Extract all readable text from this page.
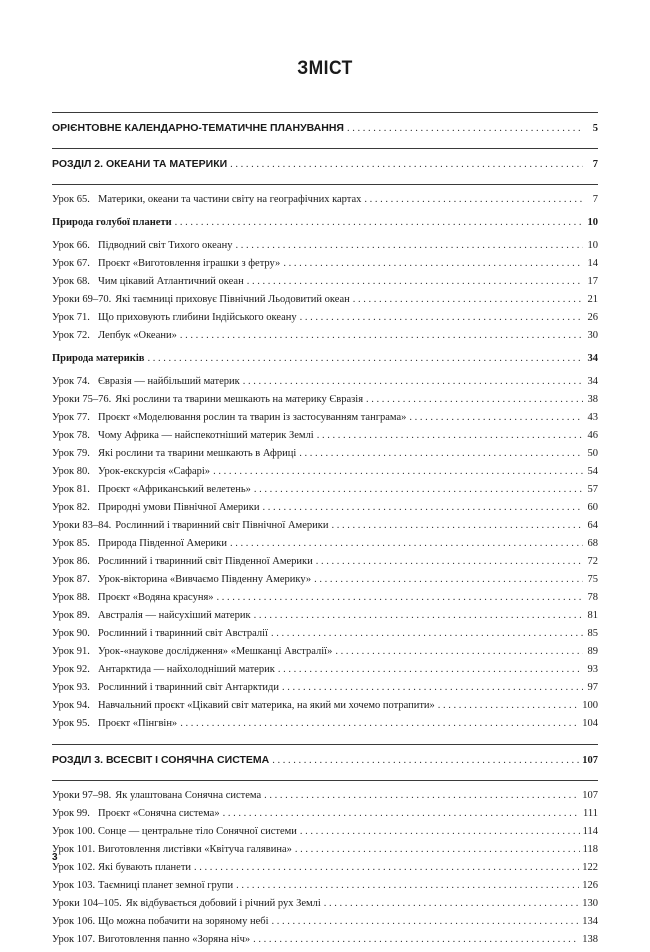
ЗМІСТ
ОРІЄНТОВНЕ КАЛЕНДАРНО-ТЕМАТИЧНЕ ПЛАНУВАННЯ . . .	5
РОЗДІЛ 2. ОКЕАНИ ТА МАТЕРИКИ . . .	7
Урок 65. Материки, океани та частини світу на географічних картах . . .	7
Природа голубої планети . . .	10
Урок 66. Підводний світ Тихого океану . . .	10
Урок 67. Проєкт «Виготовлення іграшки з фетру» . . .	14
Урок 68. Чим цікавий Атлантичний океан . . .	17
Уроки 69–70. Які таємниці приховує Північний Льодовитий океан . . .	21
Урок 71. Що приховують глибини Індійського океану . . .	26
Урок 72. Лепбук «Океани» . . .	30
Природа материків . . .	34
Урок 74. Євразія — найбільший материк . . .	34
Уроки 75–76. Які рослини та тварини мешкають на материку Євразія . . .	38
Урок 77. Проєкт «Моделювання рослин та тварин із застосуванням танграма» . . .	43
Урок 78. Чому Африка — найспекотніший материк Землі . . .	46
Урок 79. Які рослини та тварини мешкають в Африці . . .	50
Урок 80. Урок-екскурсія «Сафарі» . . .	54
Урок 81. Проєкт «Африканський велетень» . . .	57
Урок 82. Природні умови Північної Америки . . .	60
Уроки 83–84. Рослинний і тваринний світ Північної Америки . . .	64
Урок 85. Природа Південної Америки . . .	68
Урок 86. Рослинний і тваринний світ Південної Америки . . .	72
Урок 87. Урок-вікторина «Вивчаємо Південну Америку» . . .	75
Урок 88. Проєкт «Водяна красуня» . . .	78
Урок 89. Австралія — найсухіший материк . . .	81
Урок 90. Рослинний і тваринний світ Австралії . . .	85
Урок 91. Урок-«наукове дослідження» «Мешканці Австралії» . . .	89
Урок 92. Антарктида — найхолодніший материк . . .	93
Урок 93. Рослинний і тваринний світ Антарктиди . . .	97
Урок 94. Навчальний проєкт «Цікавий світ материка, на який ми хочемо потрапити» . . .	100
Урок 95. Проєкт «Пінгвін» . . .	104
РОЗДІЛ 3. ВСЕСВІТ І СОНЯЧНА СИСТЕМА . . .	107
Уроки 97–98. Як улаштована Сонячна система . . .	107
Урок 99. Проєкт «Сонячна система» . . .	111
Урок 100. Сонце — центральне тіло Сонячної системи . . .	114
Урок 101. Виготовлення листівки «Квітуча галявина» . . .	118
Урок 102. Які бувають планети . . .	122
Урок 103. Таємниці планет земної групи . . .	126
Уроки 104–105. Як відбувається добовий і річний рух Землі . . .	130
Урок 106. Що можна побачити на зоряному небі . . .	134
Урок 107. Виготовлення панно «Зоряна ніч» . . .	138
3
